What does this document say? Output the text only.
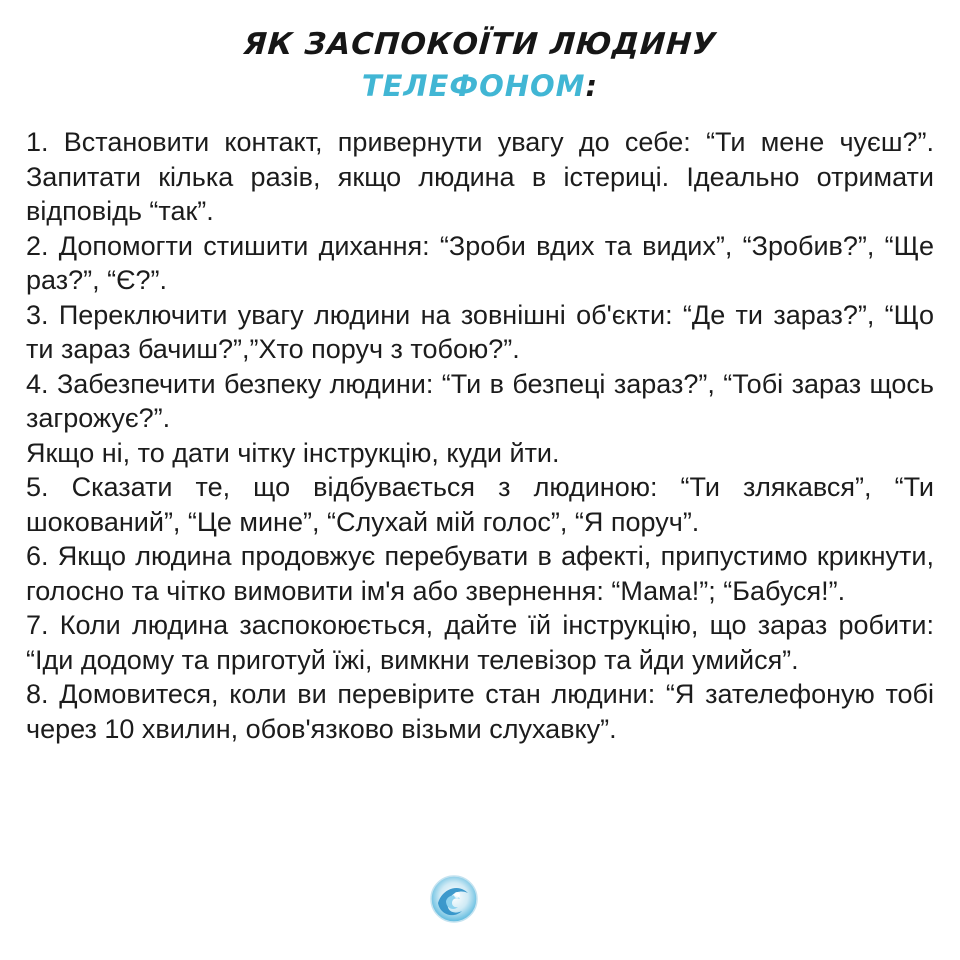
ЯК ЗАСПОКОЇТИ ЛЮДИНУ
ТЕЛЕФОНОМ:

1. Встановити контакт, привернути увагу до себе: “Ти мене чуєш?”. Запитати кілька разів, якщо людина в істериці. Ідеально отримати відповідь “так”.

2. Допомогти стишити дихання: “Зроби вдих та видих”, “Зробив?”, “Ще раз?”, “Є?”.

3. Переключити увагу людини на зовнішні об'єкти: “Де ти зараз?”, “Що ти зараз бачиш?”,”Хто поруч з тобою?”.

4. Забезпечити безпеку людини: “Ти в безпеці зараз?”, “Тобі зараз щось загрожує?”.

Якщо ні, то дати чітку інструкцію, куди йти.

5. Сказати те, що відбувається з людиною: “Ти злякався”, “Ти шокований”, “Це мине”, “Слухай мій голос”, “Я поруч”.

6. Якщо людина продовжує перебувати в афекті, припустимо крикнути, голосно та чітко вимовити ім'я або звернення: “Мама!”; “Бабуся!”.

7. Коли людина заспокоюється, дайте їй інструкцію, що зараз робити: “Іди додому та приготуй їжі, вимкни телевізор та йди умийся”.

8. Домовитеся, коли ви перевірите стан людини: “Я зателефоную тобі через 10 хвилин, обов'язково візьми слухавку”.
